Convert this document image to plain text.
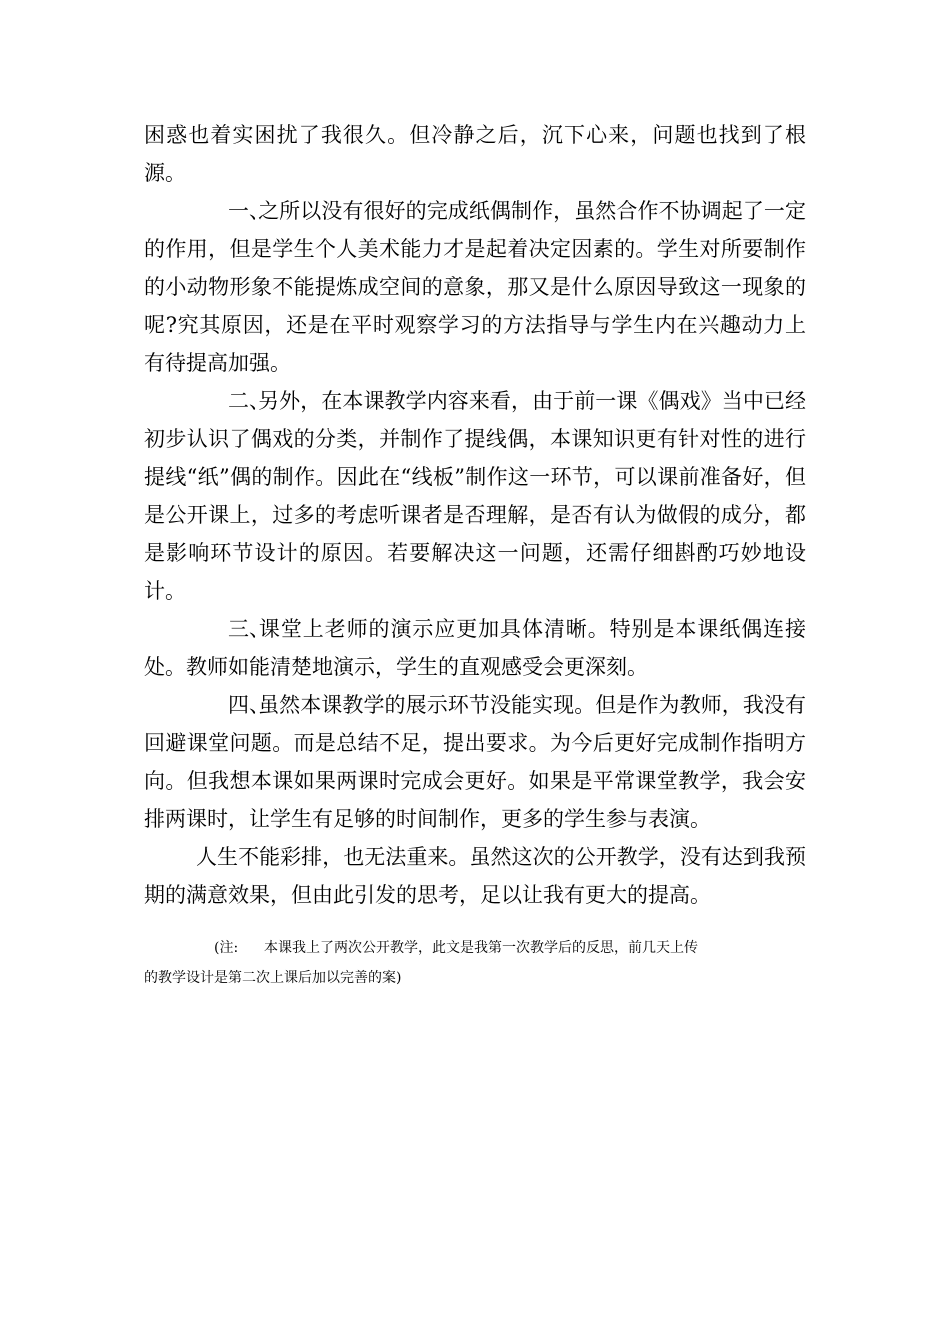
困惑也着实困扰了我很久。但冷静之后，沉下心来，问题也找到了根源。

一、之所以没有很好的完成纸偶制作，虽然合作不协调起了一定的作用，但是学生个人美术能力才是起着决定因素的。学生对所要制作的小动物形象不能提炼成空间的意象，那又是什么原因导致这一现象的呢?究其原因，还是在平时观察学习的方法指导与学生内在兴趣动力上有待提高加强。

二、另外，在本课教学内容来看，由于前一课《偶戏》当中已经初步认识了偶戏的分类，并制作了提线偶，本课知识更有针对性的进行提线“纸”偶的制作。因此在“线板”制作这一环节，可以课前准备好，但是公开课上，过多的考虑听课者是否理解，是否有认为做假的成分，都是影响环节设计的原因。若要解决这一问题，还需仔细斟酌巧妙地设计。

三、课堂上老师的演示应更加具体清晰。特别是本课纸偶连接处。教师如能清楚地演示，学生的直观感受会更深刻。

四、虽然本课教学的展示环节没能实现。但是作为教师，我没有回避课堂问题。而是总结不足，提出要求。为今后更好完成制作指明方向。但我想本课如果两课时完成会更好。如果是平常课堂教学，我会安排两课时，让学生有足够的时间制作，更多的学生参与表演。

人生不能彩排，也无法重来。虽然这次的公开教学，没有达到我预期的满意效果，但由此引发的思考，足以让我有更大的提高。

(注: 本课我上了两次公开教学，此文是我第一次教学后的反思，前几天上传
的教学设计是第二次上课后加以完善的案)
